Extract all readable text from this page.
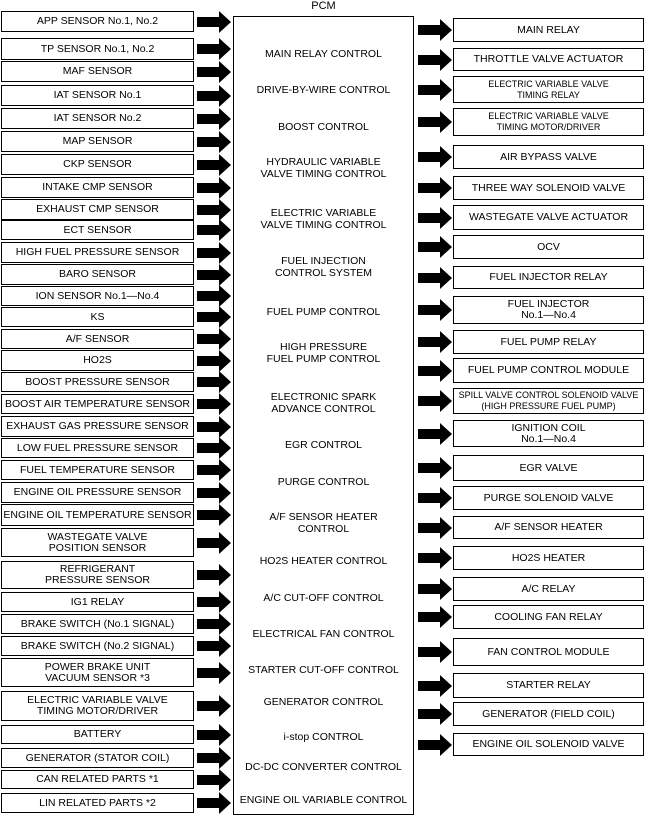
PCM
APP SENSOR No.1, No.2
TP SENSOR No.1, No.2
MAF SENSOR
IAT SENSOR No.1
IAT SENSOR No.2
MAP SENSOR
CKP SENSOR
INTAKE CMP SENSOR
EXHAUST CMP SENSOR
ECT SENSOR
HIGH FUEL PRESSURE SENSOR
BARO SENSOR
ION SENSOR No.1—No.4
KS
A/F SENSOR
HO2S
BOOST PRESSURE SENSOR
BOOST AIR TEMPERATURE SENSOR
EXHAUST GAS PRESSURE SENSOR
LOW FUEL PRESSURE SENSOR
FUEL TEMPERATURE SENSOR
ENGINE OIL PRESSURE SENSOR
ENGINE OIL TEMPERATURE SENSOR
WASTEGATE VALVE
POSITION SENSOR
REFRIGERANT
PRESSURE SENSOR
IG1 RELAY
BRAKE SWITCH (No.1 SIGNAL)
BRAKE SWITCH (No.2 SIGNAL)
POWER BRAKE UNIT
VACUUM SENSOR *3
ELECTRIC VARIABLE VALVE
TIMING MOTOR/DRIVER
BATTERY
GENERATOR (STATOR COIL)
CAN RELATED PARTS *1
LIN RELATED PARTS *2
MAIN RELAY CONTROL
DRIVE-BY-WIRE CONTROL
BOOST CONTROL
HYDRAULIC VARIABLE
VALVE TIMING CONTROL
ELECTRIC VARIABLE
VALVE TIMING CONTROL
FUEL INJECTION
CONTROL SYSTEM
FUEL PUMP CONTROL
HIGH PRESSURE
FUEL PUMP CONTROL
ELECTRONIC SPARK
ADVANCE CONTROL
EGR CONTROL
PURGE CONTROL
A/F SENSOR HEATER
CONTROL
HO2S HEATER CONTROL
A/C CUT-OFF CONTROL
ELECTRICAL FAN CONTROL
STARTER CUT-OFF CONTROL
GENERATOR CONTROL
i-stop CONTROL
DC-DC CONVERTER CONTROL
ENGINE OIL VARIABLE CONTROL
MAIN RELAY
THROTTLE VALVE ACTUATOR
ELECTRIC VARIABLE VALVE
TIMING RELAY
ELECTRIC VARIABLE VALVE
TIMING MOTOR/DRIVER
AIR BYPASS VALVE
THREE WAY SOLENOID VALVE
WASTEGATE VALVE ACTUATOR
OCV
FUEL INJECTOR RELAY
FUEL INJECTOR
No.1—No.4
FUEL PUMP RELAY
FUEL PUMP CONTROL MODULE
SPILL VALVE CONTROL SOLENOID VALVE
(HIGH PRESSURE FUEL PUMP)
IGNITION COIL
No.1—No.4
EGR VALVE
PURGE SOLENOID VALVE
A/F SENSOR HEATER
HO2S HEATER
A/C RELAY
COOLING FAN RELAY
FAN CONTROL MODULE
STARTER RELAY
GENERATOR (FIELD COIL)
ENGINE OIL SOLENOID VALVE
